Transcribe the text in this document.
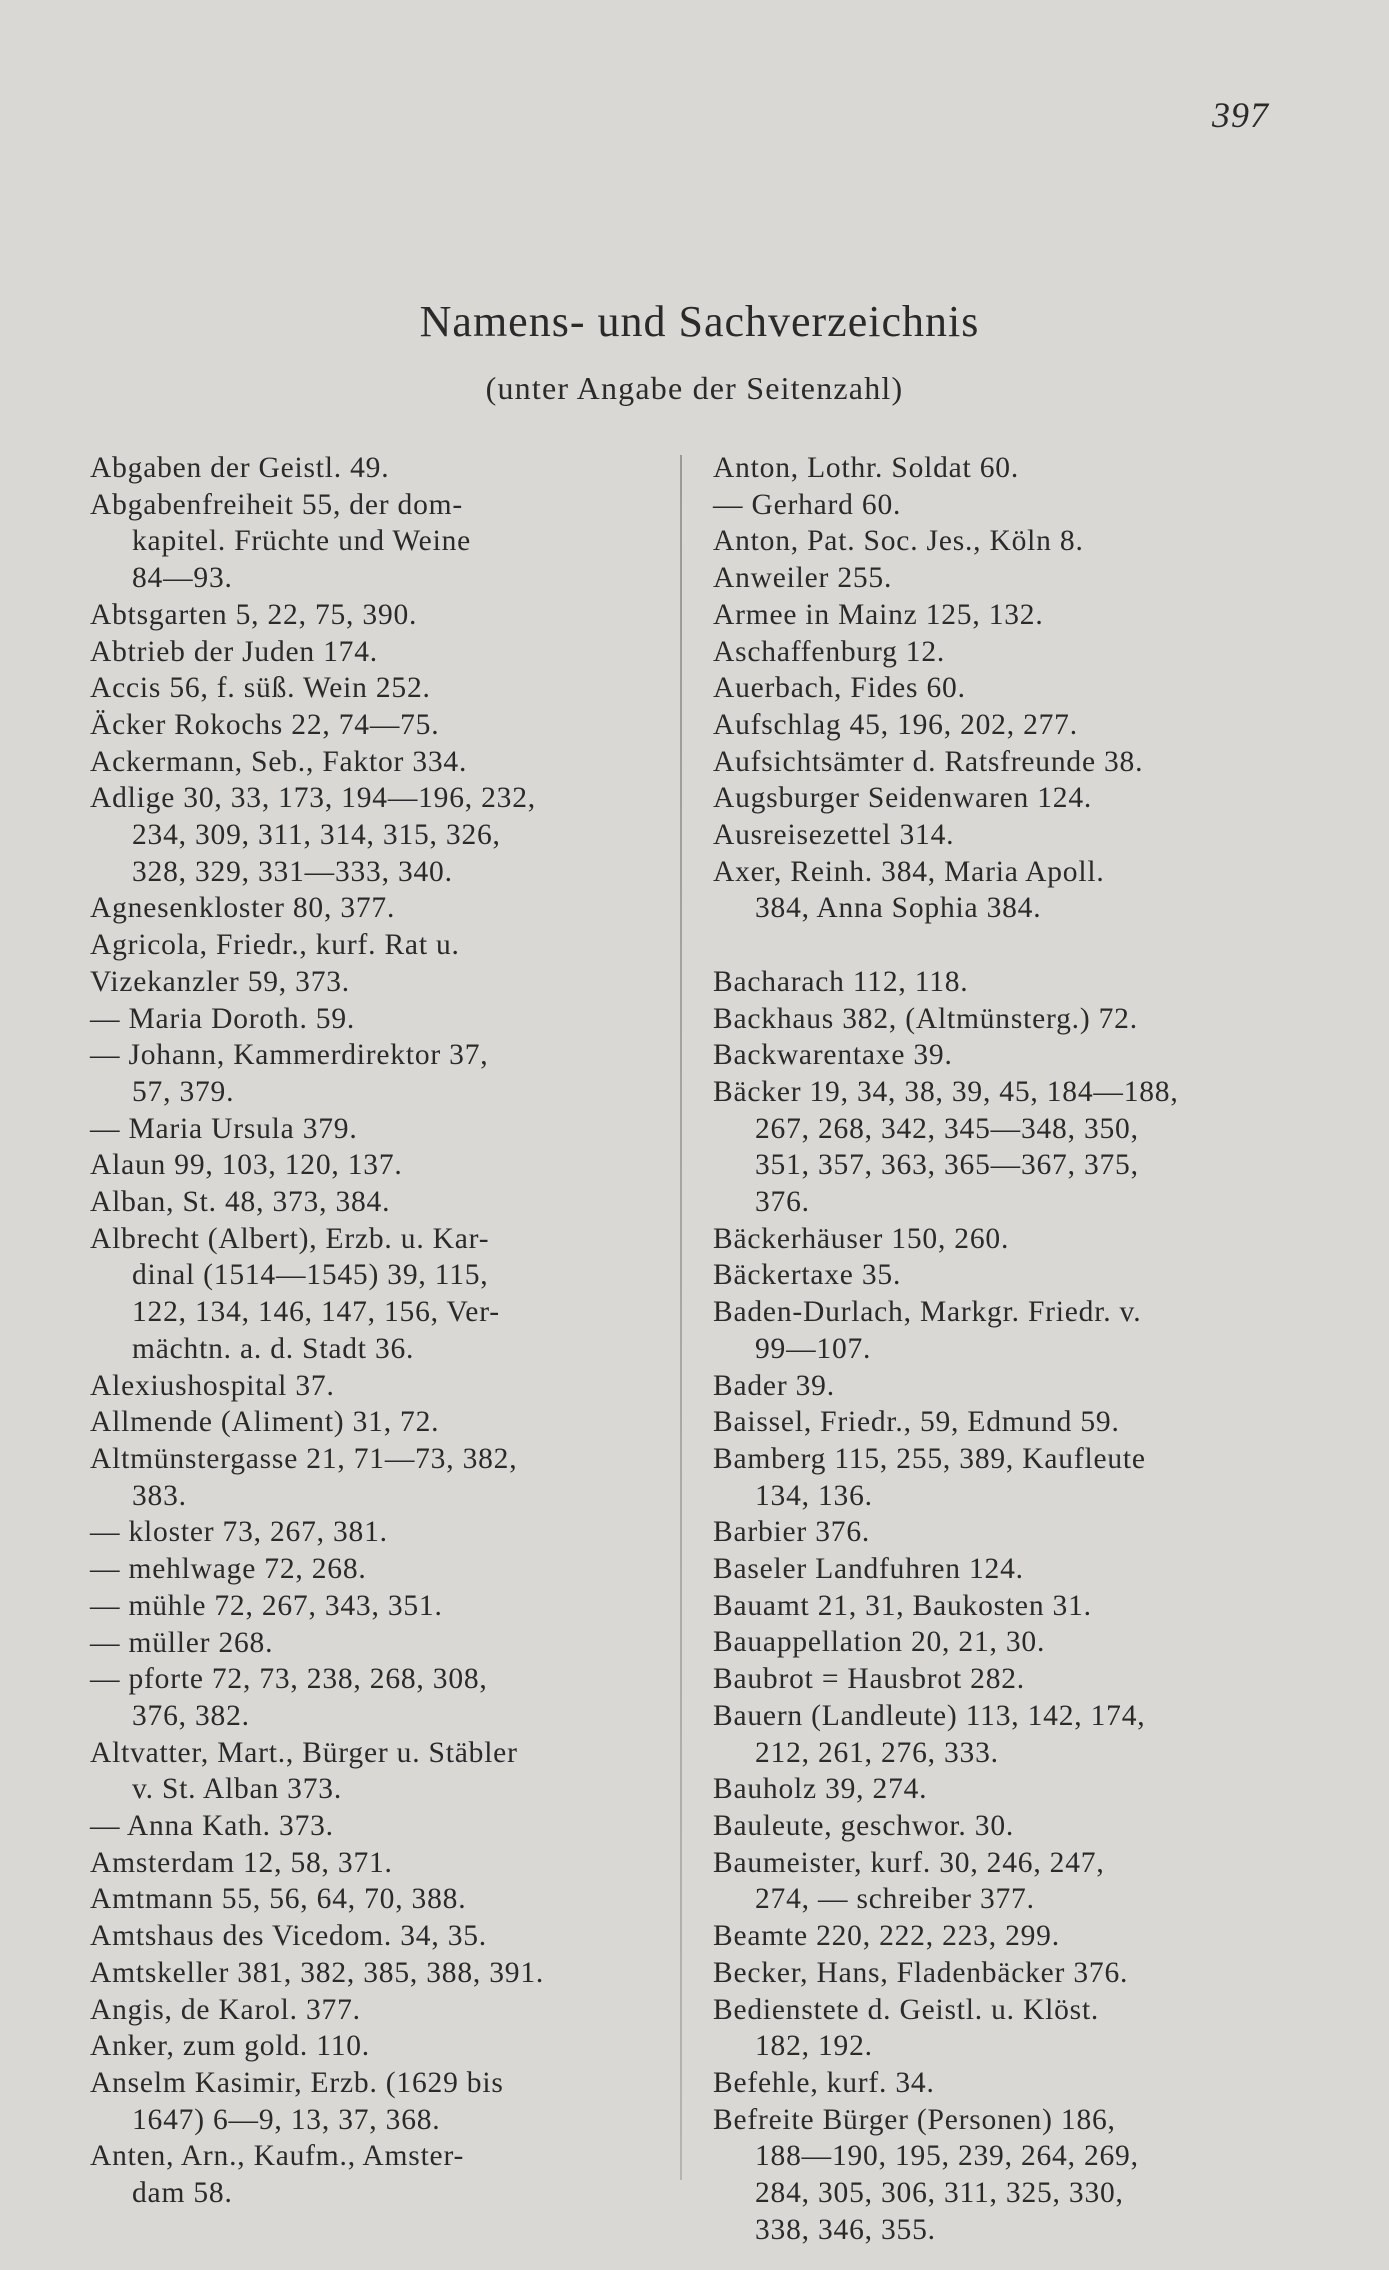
397
Namens- und Sachverzeichnis
(unter Angabe der Seitenzahl)
Abgaben der Geistl. 49.
Abgabenfreiheit 55, der dom-
kapitel. Früchte und Weine
84—93.
Abtsgarten 5, 22, 75, 390.
Abtrieb der Juden 174.
Accis 56, f. süß. Wein 252.
Äcker Rokochs 22, 74—75.
Ackermann, Seb., Faktor 334.
Adlige 30, 33, 173, 194—196, 232,
234, 309, 311, 314, 315, 326,
328, 329, 331—333, 340.
Agnesenkloster 80, 377.
Agricola, Friedr., kurf. Rat u.
Vizekanzler 59, 373.
— Maria Doroth. 59.
— Johann, Kammerdirektor 37,
57, 379.
— Maria Ursula 379.
Alaun 99, 103, 120, 137.
Alban, St. 48, 373, 384.
Albrecht (Albert), Erzb. u. Kar-
dinal (1514—1545) 39, 115,
122, 134, 146, 147, 156, Ver-
mächtn. a. d. Stadt 36.
Alexiushospital 37.
Allmende (Aliment) 31, 72.
Altmünstergasse 21, 71—73, 382,
383.
— kloster 73, 267, 381.
— mehlwage 72, 268.
— mühle 72, 267, 343, 351.
— müller 268.
— pforte 72, 73, 238, 268, 308,
376, 382.
Altvatter, Mart., Bürger u. Stäbler
v. St. Alban 373.
— Anna Kath. 373.
Amsterdam 12, 58, 371.
Amtmann 55, 56, 64, 70, 388.
Amtshaus des Vicedom. 34, 35.
Amtskeller 381, 382, 385, 388, 391.
Angis, de Karol. 377.
Anker, zum gold. 110.
Anselm Kasimir, Erzb. (1629 bis
1647) 6—9, 13, 37, 368.
Anten, Arn., Kaufm., Amster-
dam 58.
Anton, Lothr. Soldat 60.
— Gerhard 60.
Anton, Pat. Soc. Jes., Köln 8.
Anweiler 255.
Armee in Mainz 125, 132.
Aschaffenburg 12.
Auerbach, Fides 60.
Aufschlag 45, 196, 202, 277.
Aufsichtsämter d. Ratsfreunde 38.
Augsburger Seidenwaren 124.
Ausreisezettel 314.
Axer, Reinh. 384, Maria Apoll.
384, Anna Sophia 384.
Bacharach 112, 118.
Backhaus 382, (Altmünsterg.) 72.
Backwarentaxe 39.
Bäcker 19, 34, 38, 39, 45, 184—188,
267, 268, 342, 345—348, 350,
351, 357, 363, 365—367, 375,
376.
Bäckerhäuser 150, 260.
Bäckertaxe 35.
Baden-Durlach, Markgr. Friedr. v.
99—107.
Bader 39.
Baissel, Friedr., 59, Edmund 59.
Bamberg 115, 255, 389, Kaufleute
134, 136.
Barbier 376.
Baseler Landfuhren 124.
Bauamt 21, 31, Baukosten 31.
Bauappellation 20, 21, 30.
Baubrot = Hausbrot 282.
Bauern (Landleute) 113, 142, 174,
212, 261, 276, 333.
Bauholz 39, 274.
Bauleute, geschwor. 30.
Baumeister, kurf. 30, 246, 247,
274, — schreiber 377.
Beamte 220, 222, 223, 299.
Becker, Hans, Fladenbäcker 376.
Bedienstete d. Geistl. u. Klöst.
182, 192.
Befehle, kurf. 34.
Befreite Bürger (Personen) 186,
188—190, 195, 239, 264, 269,
284, 305, 306, 311, 325, 330,
338, 346, 355.
